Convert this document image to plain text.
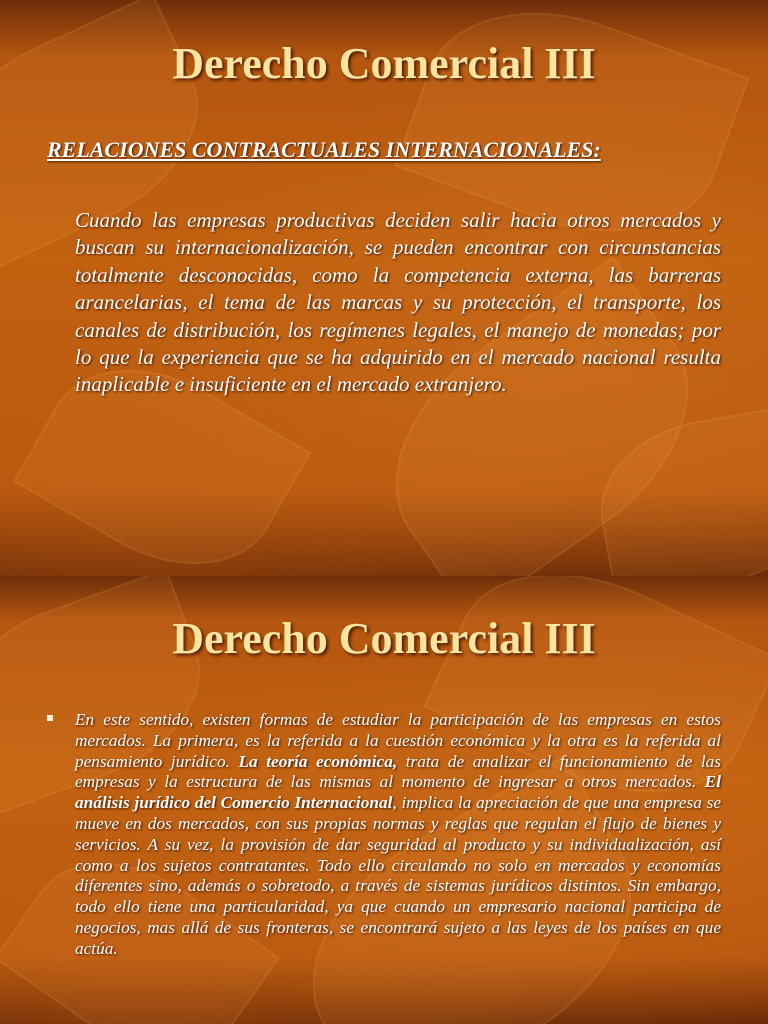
Derecho Comercial III
RELACIONES CONTRACTUALES INTERNACIONALES:

Cuando las empresas productivas deciden salir hacia otros mercados y buscan su internacionalización, se pueden encontrar con circunstancias totalmente desconocidas, como la competencia externa, las barreras arancelarias, el tema de las marcas y su protección, el transporte, los canales de distribución, los regímenes legales, el manejo de monedas; por lo que la experiencia que se ha adquirido en el mercado nacional resulta inaplicable e insuficiente en el mercado extranjero.

Derecho Comercial III

En este sentido, existen formas de estudiar la participación de las empresas en estos mercados. La primera, es la referida a la cuestión económica y la otra es la referida al pensamiento jurídico. La teoría económica, trata de analizar el funcionamiento de las empresas y la estructura de las mismas al momento de ingresar a otros mercados. El análisis jurídico del Comercio Internacional, implica la apreciación de que una empresa se mueve en dos mercados, con sus propias normas y reglas que regulan el flujo de bienes y servicios. A su vez, la provisión de dar seguridad al producto y su individualización, así como a los sujetos contratantes. Todo ello circulando no solo en mercados y economías diferentes sino, además o sobretodo, a través de sistemas jurídicos distintos. Sin embargo, todo ello tiene una particularidad, ya que cuando un empresario nacional participa de negocios, mas allá de sus fronteras, se encontrará sujeto a las leyes de los países en que actúa.
